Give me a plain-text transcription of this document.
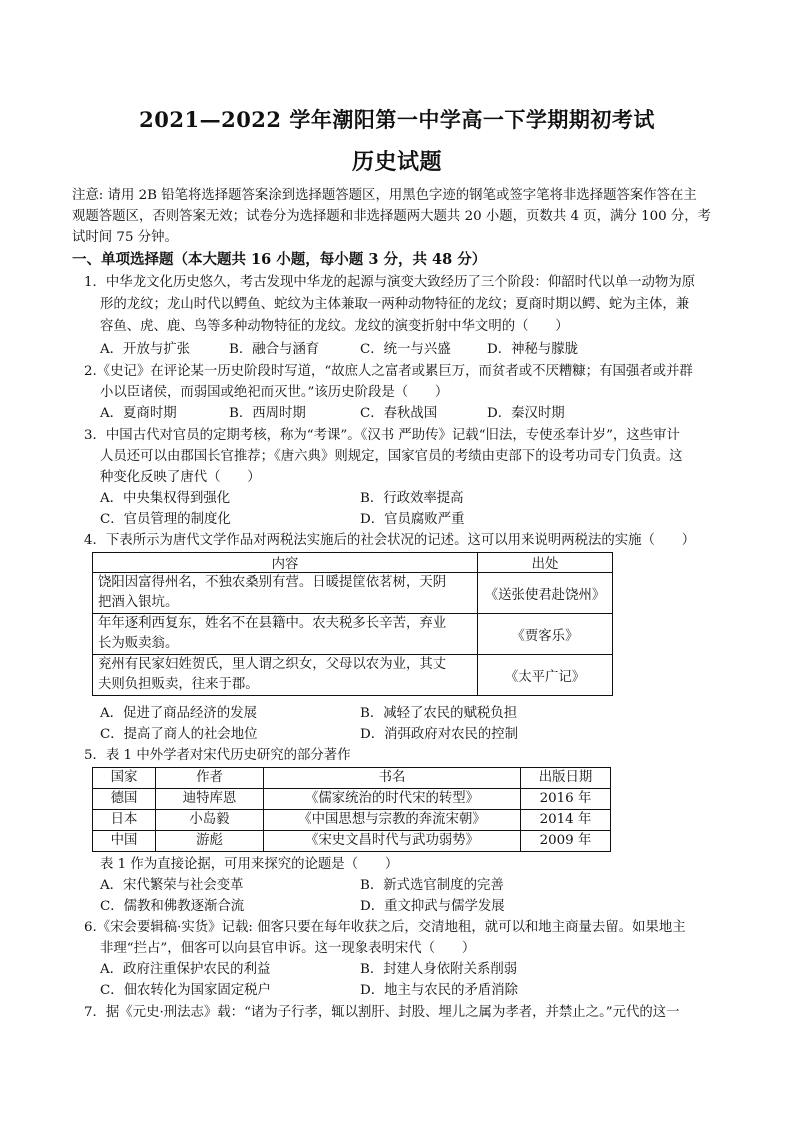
2021—2022 学年潮阳第一中学高一下学期期初考试
历史试题
注意: 请用 2B 铅笔将选择题答案涂到选择题答题区，用黑色字迹的钢笔或签字笔将非选择题答案作答在主
观题答题区，否则答案无效；试卷分为选择题和非选择题两大题共 20 小题，页数共 4 页，满分 100 分，考
试时间 75 分钟。
一、单项选择题（本大题共 16 小题，每小题 3 分，共 48 分）
1．中华龙文化历史悠久，考古发现中华龙的起源与演变大致经历了三个阶段：仰韶时代以单一动物为原
形的龙纹；龙山时代以鳄鱼、蛇纹为主体兼取一两种动物特征的龙纹；夏商时期以鳄、蛇为主体，兼
容鱼、虎、鹿、鸟等多种动物特征的龙纹。龙纹的演变折射中华文明的（　　）
A．开放与扩张	B．融合与涵育	C．统一与兴盛	D．神秘与朦胧
2.《史记》在评论某一历史阶段时写道，“故庶人之富者或累巨万，而贫者或不厌糟糠；有国强者或并群
小以臣诸侯，而弱国或绝祀而灭世。”该历史阶段是（　　）
A．夏商时期	B．西周时期	C．春秋战国	D．秦汉时期
3．中国古代对官员的定期考核，称为“考课”。《汉书 严助传》记载“旧法，专使丞奉计岁”，这些审计
人员还可以由郡国长官推荐；《唐六典》则规定，国家官员的考绩由吏部下的设考功司专门负责。这
种变化反映了唐代（　　）
A．中央集权得到强化	B．行政效率提高
C．官员管理的制度化	D．官员腐败严重
4．下表所示为唐代文学作品对两税法实施后的社会状况的记述。这可以用来说明两税法的实施（　　）
内容	出处

饶阳因富得州名，不独农桑别有营。日暖提筐依茗树，天阴
把酒入银坑。	《送张使君赴饶州》

年年逐利西复东，姓名不在县籍中。农夫税多长辛苦，弃业
长为贩卖翁。	《贾客乐》

兖州有民家妇姓贺氏，里人谓之织女，父母以农为业，其丈
夫则负担贩卖，往来于郡。	《太平广记》
A．促进了商品经济的发展	B．减轻了农民的赋税负担
C．提高了商人的社会地位	D．消弭政府对农民的控制
5．表 1 中外学者对宋代历史研究的部分著作
国家	作者	书名	出版日期
德国	迪特库恩	《儒家统治的时代宋的转型》	2016 年
日本	小岛毅	《中国思想与宗教的奔流宋朝》	2014 年
中国	游彪	《宋史文昌时代与武功弱势》	2009 年
表 1 作为直接论据，可用来探究的论题是（　　）
A．宋代繁荣与社会变革	B．新式选官制度的完善
C．儒教和佛教逐渐合流	D．重文抑武与儒学发展
6.《宋会要辑稿·实货》记载: 佃客只要在每年收获之后，交清地租，就可以和地主商量去留。如果地主
非理“拦占”，佃客可以向县官申诉。这一现象表明宋代（　　）
A．政府注重保护农民的利益	B．封建人身依附关系削弱
C．佃农转化为国家固定税户	D．地主与农民的矛盾消除
7．据《元史·刑法志》载：“诸为子行孝，辄以割肝、封股、埋儿之属为孝者，并禁止之。”元代的这一
